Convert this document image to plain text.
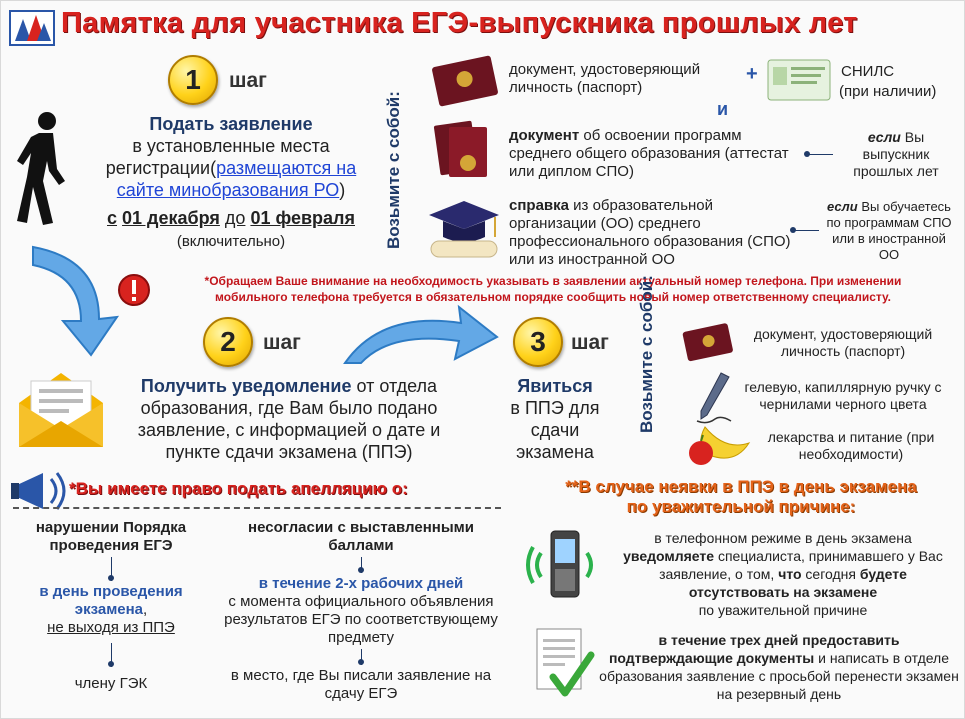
Памятка для участника ЕГЭ-выпускника прошлых лет
1	шаг
Подать заявление
в установленные места
регистрации(размещаются на
сайте минобразования РО)
с 01 декабря до 01 февраля
(включительно)	Возьмите с собой:
документ, удостоверяющий личность (паспорт)
+	СНИЛС
(при наличии)
и
документ об освоении программ среднего общего образования (аттестат или диплом СПО)
если Вы выпускник прошлых лет
справка из образовательной организации (ОО) среднего профессионального образования (СПО) или из иностранной ОО
если Вы обучаетесь по программам СПО или в иностранной ОО
*Обращаем Ваше внимание на необходимость указывать в заявлении актуальный номер телефона. При изменении
мобильного телефона требуется в обязательном порядке сообщить новый номер ответственному специалисту.
2	шаг
Получить уведомление от отдела образования, где Вам было подано заявление, с информацией о дате и пункте сдачи экзамена (ППЭ)
3	шаг
Явиться
в ППЭ для
сдачи
экзамена
Возьмите с собой:	документ, удостоверяющий личность (паспорт)
гелевую, капиллярную ручку с чернилами черного цвета
лекарства и питание (при необходимости)
*Вы имеете право подать апелляцию о:
нарушении Порядка проведения ЕГЭ
в день проведения экзамена,
не выходя из ППЭ
члену ГЭК
несогласии с выставленными баллами
в течение 2-х рабочих дней
с момента официального объявления результатов ЕГЭ по соответствующему предмету
в место, где Вы писали заявление на сдачу ЕГЭ
**В случае неявки в ППЭ в день экзамена
по уважительной причине:
в телефонном режиме в день экзамена
уведомляете специалиста, принимавшего у Вас заявление, о том, что сегодня будете отсутствовать на экзамене
по уважительной причине
в течение трех дней предоставить подтверждающие документы и написать в отделе образования заявление с просьбой перенести экзамен на резервный день
